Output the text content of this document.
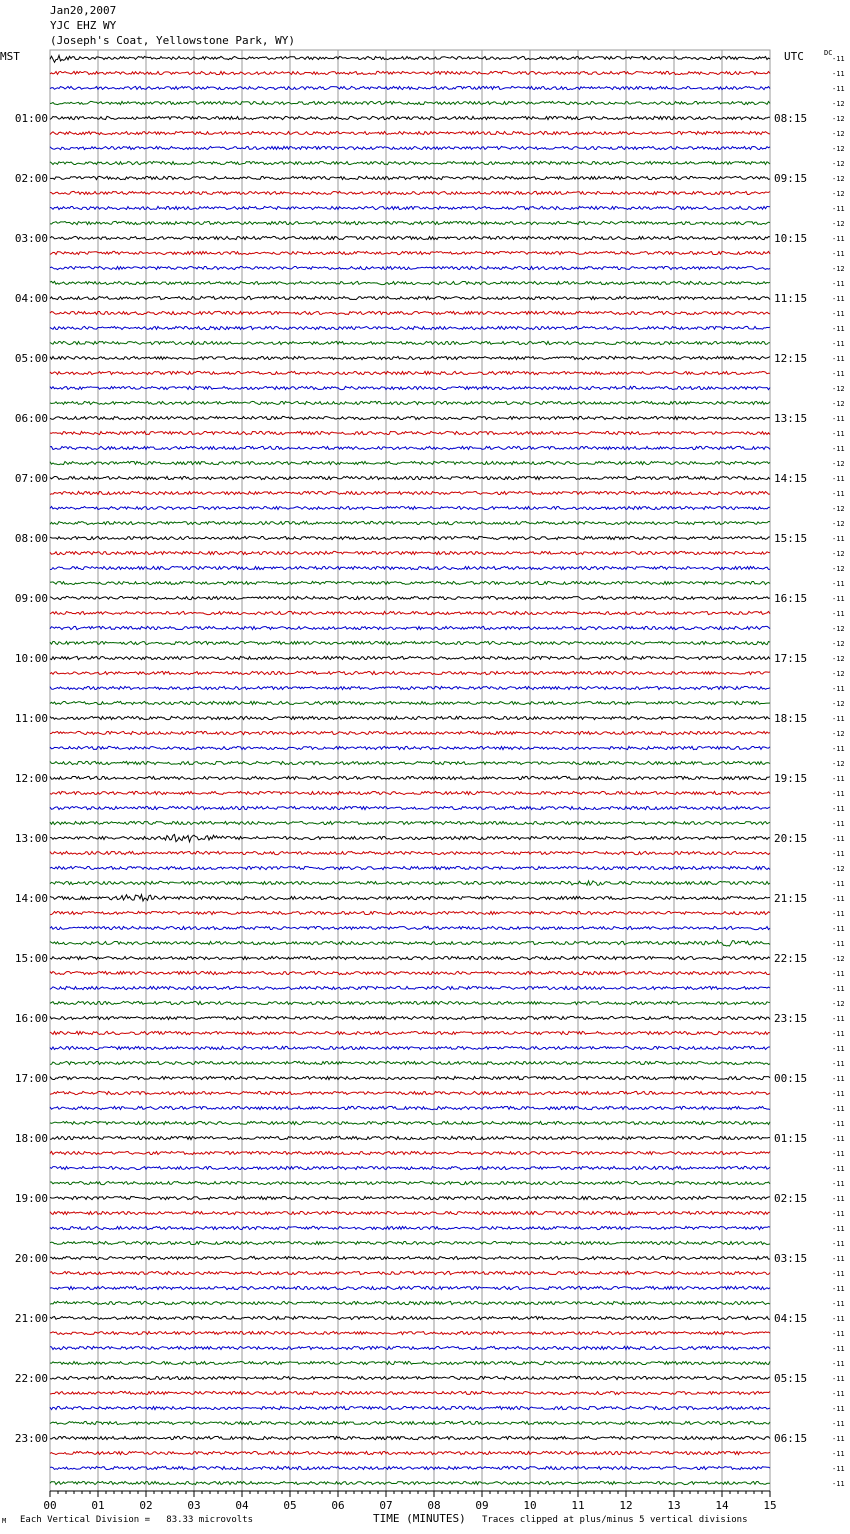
Jan20,2007
YJC EHZ WY
(Joseph's Coat, Yellowstone Park, WY)
MST	UTC	DC
-11
-11
-11
-12
01:00	08:15	-12
-12
-12
-12
02:00	09:15	-12
-12
-11
-12
03:00	10:15	-11
-11
-12
-11
04:00	11:15	-11
-11
-11
-11
05:00	12:15	-11
-11
-12
-12
06:00	13:15	-11
-11
-11
-12
07:00	14:15	-11
-11
-12
-12
08:00	15:15	-11
-12
-12
-11
09:00	16:15	-11
-11
-12
-12
10:00	17:15	-12
-12
-11
-12
11:00	18:15	-11
-12
-11
-12
12:00	19:15	-11
-11
-11
-11
13:00	20:15	-11
-11
-12
-11
14:00	21:15	-11
-11
-11
-11
15:00	22:15	-12
-11
-11
-12
16:00	23:15	-11
-11
-11
-11
17:00	00:15	-11
-11
-11
-11
18:00	01:15	-11
-11
-11
-11
19:00	02:15	-11
-11
-11
-11
20:00	03:15	-11
-11
-11
-11
21:00	04:15	-11
-11
-11
-11
22:00	05:15	-11
-11
-11
-11
23:00	06:15	-11
-11
-11
-11
00	01	02	03	04	05	06	07	08	09	10	11	12	13	14	15
M Each Vertical Division =   83.33 microvolts	TIME (MINUTES) Traces clipped at plus/minus 5 vertical divisions
